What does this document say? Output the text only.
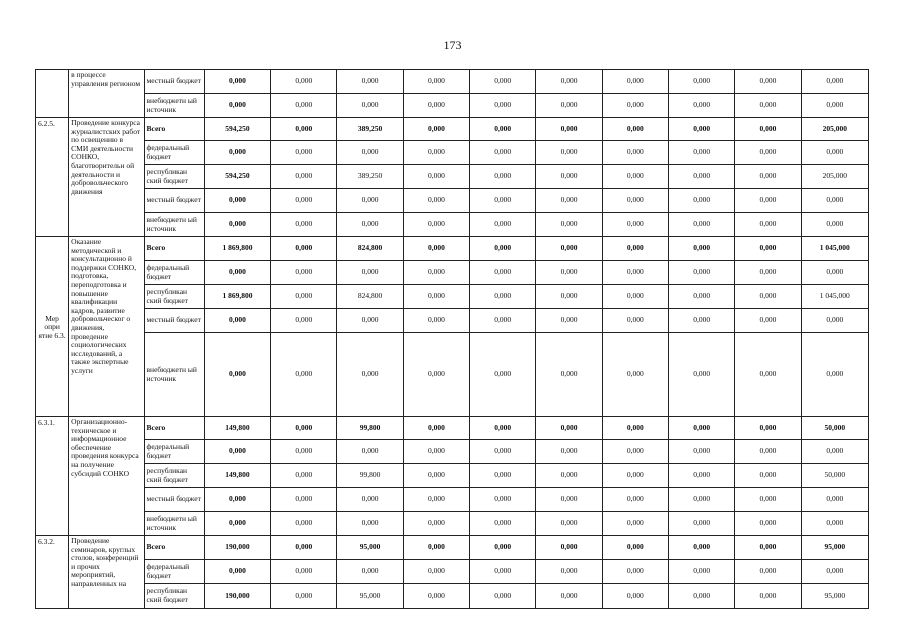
173
	в процессе управления регионом	местный бюджет	0,000	0,000	0,000	0,000	0,000	0,000	0,000	0,000	0,000	0,000
		внебюджетн ый источник	0,000	0,000	0,000	0,000	0,000	0,000	0,000	0,000	0,000	0,000
6.2.5.	Проведение конкурса журналистских работ по освещению в СМИ деятельности СОНКО, благотворительн ой деятельности и добровольческого движения	Всего	594,250	0,000	389,250	0,000	0,000	0,000	0,000	0,000	0,000	205,000
		федеральный бюджет	0,000	0,000	0,000	0,000	0,000	0,000	0,000	0,000	0,000	0,000
		республикан ский бюджет	594,250	0,000	389,250	0,000	0,000	0,000	0,000	0,000	0,000	205,000
		местный бюджет	0,000	0,000	0,000	0,000	0,000	0,000	0,000	0,000	0,000	0,000
		внебюджетн ый источник	0,000	0,000	0,000	0,000	0,000	0,000	0,000	0,000	0,000	0,000
Мер опри ятие 6.3.	Оказание методической и консультационно й поддержки СОНКО, подготовка, переподготовка и повышение квалификации кадров, развитие добровольческог о движения, проведение социологических исследований, а также экспертные услуги	Всего	1 869,800	0,000	824,800	0,000	0,000	0,000	0,000	0,000	0,000	1 045,000
		федеральный бюджет	0,000	0,000	0,000	0,000	0,000	0,000	0,000	0,000	0,000	0,000
		республикан ский бюджет	1 869,800	0,000	824,800	0,000	0,000	0,000	0,000	0,000	0,000	1 045,000
		местный бюджет	0,000	0,000	0,000	0,000	0,000	0,000	0,000	0,000	0,000	0,000
		внебюджетн ый источник	0,000	0,000	0,000	0,000	0,000	0,000	0,000	0,000	0,000	0,000
6.3.1.	Организационно-техническое и информационное обеспечение проведения конкурса на получение субсидий СОНКО	Всего	149,800	0,000	99,800	0,000	0,000	0,000	0,000	0,000	0,000	50,000
		федеральный бюджет	0,000	0,000	0,000	0,000	0,000	0,000	0,000	0,000	0,000	0,000
		республикан ский бюджет	149,800	0,000	99,800	0,000	0,000	0,000	0,000	0,000	0,000	50,000
		местный бюджет	0,000	0,000	0,000	0,000	0,000	0,000	0,000	0,000	0,000	0,000
		внебюджетн ый источник	0,000	0,000	0,000	0,000	0,000	0,000	0,000	0,000	0,000	0,000
6.3.2.	Проведение семинаров, круглых столов, конференций и прочих мероприятий, направленных на	Всего	190,000	0,000	95,000	0,000	0,000	0,000	0,000	0,000	0,000	95,000
		федеральный бюджет	0,000	0,000	0,000	0,000	0,000	0,000	0,000	0,000	0,000	0,000
		республикан ский бюджет	190,000	0,000	95,000	0,000	0,000	0,000	0,000	0,000	0,000	95,000
